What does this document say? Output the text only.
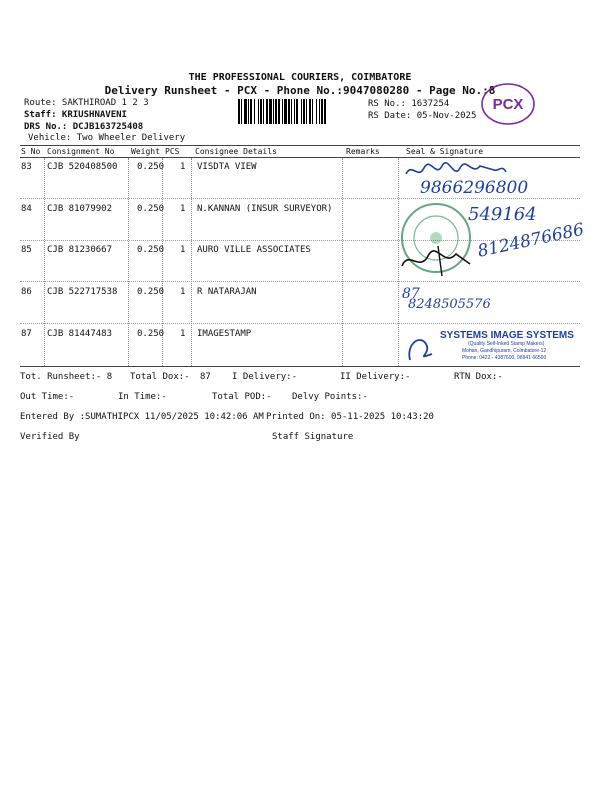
THE PROFESSIONAL COURIERS, COIMBATORE
Delivery Runsheet - PCX - Phone No.:9047080280 - Page No.:8
Route: SAKTHIROAD 1 2 3
Staff: KRIUSHNAVENI
DRS No.: DCJB163725408
Vehicle: Two Wheeler Delivery
RS No.: 1637254
RS Date: 05-Nov-2025
PCX
S No Consignment No Weight PCS Consignee Details	Remarks	Seal & Signature
83 CJB 520408500 0.250 1 VISDTA VIEW
84 CJB 81079902	0.250 1 N.KANNAN (INSUR SURVEYOR)
85 CJB 81230667	0.250 1 AURO VILLE ASSOCIATES
86 CJB 522717538 0.250 1 R NATARAJAN
87 CJB 81447483	0.250 1 IMAGESTAMP
9866296800
549164
8124876686
87
8248505576
SYSTEMS IMAGE SYSTEMS
(Quality Self-Inked Stamp Makers)
Mohan, Gandhipuram, Coimbatore-12
Phone: 0422 - 4387600, 98941 66500
Tot. Runsheet:- 8 Total Dox:- 87 I Delivery:-	II Delivery:-	RTN Dox:-
Out Time:-	In Time:-	Total POD:- Delvy Points:-
Entered By :SUMATHIPCX 11/05/2025 10:42:06 AM Printed On: 05-11-2025 10:43:20
Verified By	Staff Signature
